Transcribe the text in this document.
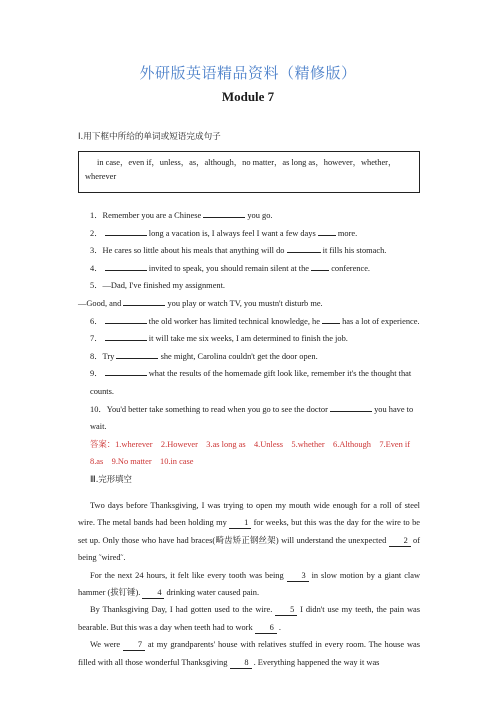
外研版英语精品资料（精修版）
Module 7
Ⅰ.用下框中所给的单词或短语完成句子
in case，even if，unless，as，although，no matter，as long as，however，whether，wherever
1．Remember you are a Chinese	you go.
2．	long a vacation is, I always feel I want a few days	more.
3．He cares so little about his meals that anything will do	it fills his stomach.
4．	invited to speak, you should remain silent at the	conference.
5．—Dad, I've finished my assignment.
—Good, and	you play or watch TV, you mustn't disturb me.
6．	the old worker has limited technical knowledge, he	has a lot of experience.
7．	it will take me six weeks, I am determined to finish the job.
8．Try	she might, Carolina couldn't get the door open.
9．	what the results of the homemade gift look like, remember it's the thought that counts.
10．You'd better take something to read when you go to see the doctor	you have to wait.
答案：1.wherever　2.However　3.as long as　4.Unless　5.whether　6.Although　7.Even if　8.as　9.No matter　10.in case
Ⅲ.完形填空

Two days before Thanksgiving, I was trying to open my mouth wide enough for a roll of steel wire. The metal bands had been holding my 1 for weeks, but this was the day for the wire to be set up. Only those who have had braces(畸齿矫正钢丝架) will understand the unexpected 2 of being ˜wired˜.

For the next 24 hours, it felt like every tooth was being 3 in slow motion by a giant claw hammer (拔钉锤). 4 drinking water caused pain.

By Thanksgiving Day, I had gotten used to the wire. 5 I didn't use my teeth, the pain was bearable. But this was a day when teeth had to work 6 .

We were 7 at my grandparents' house with relatives stuffed in every room. The house was filled with all those wonderful Thanksgiving 8 . Everything happened the way it was
